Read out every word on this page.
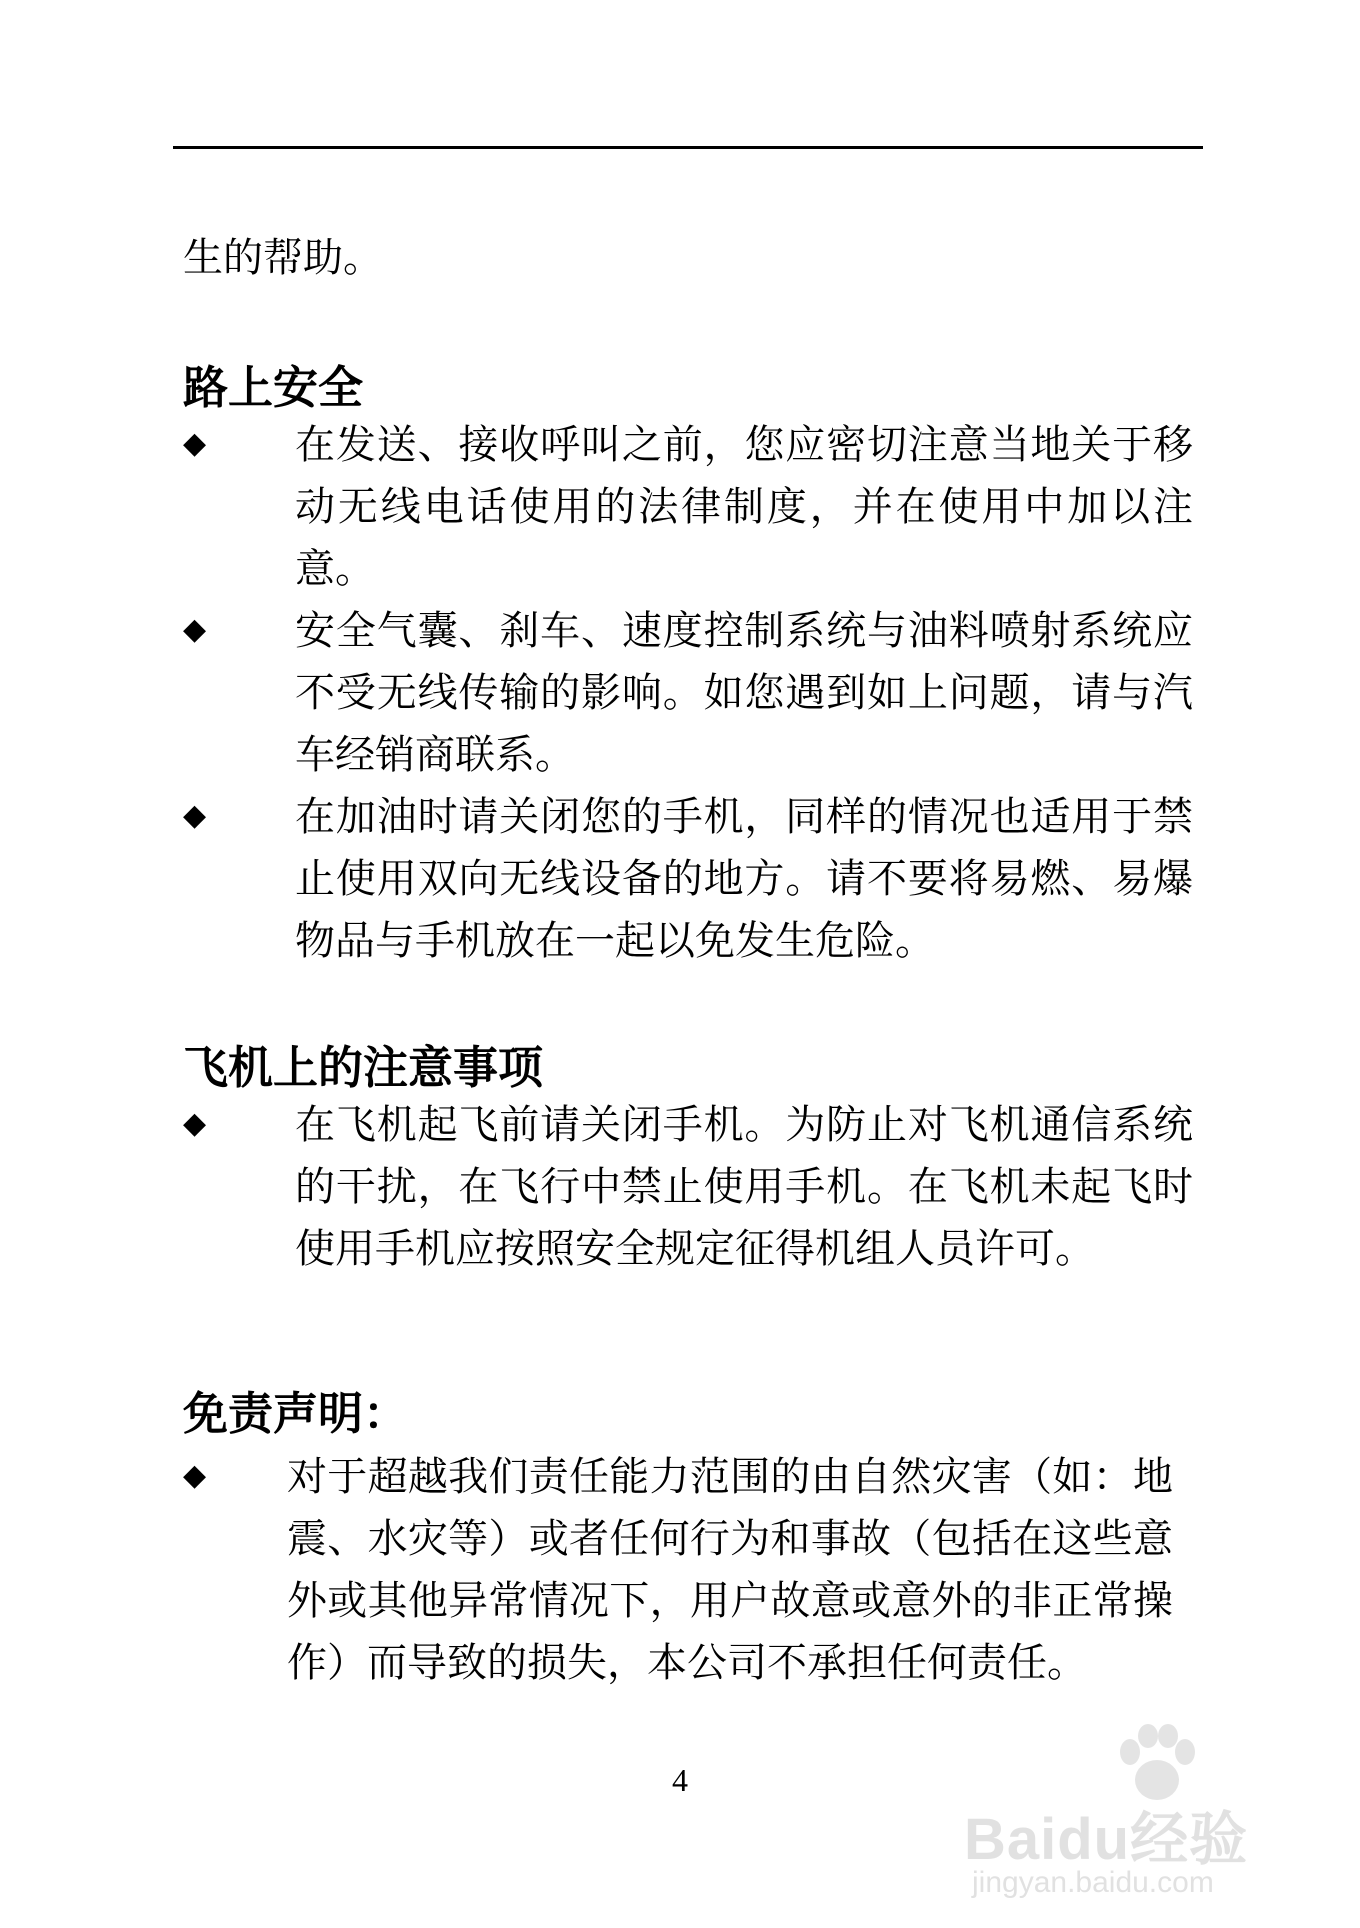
生的帮助。
路上安全
◆ 在发送、接收呼叫之前，您应密切注意当地关于移动无线电话使用的法律制度，并在使用中加以注意。
◆ 安全气囊、刹车、速度控制系统与油料喷射系统应不受无线传输的影响。如您遇到如上问题，请与汽车经销商联系。
◆ 在加油时请关闭您的手机，同样的情况也适用于禁止使用双向无线设备的地方。请不要将易燃、易爆物品与手机放在一起以免发生危险。
飞机上的注意事项
◆ 在飞机起飞前请关闭手机。为防止对飞机通信系统的干扰，在飞行中禁止使用手机。在飞机未起飞时使用手机应按照安全规定征得机组人员许可。
免责声明：
◆ 对于超越我们责任能力范围的由自然灾害（如：地震、水灾等）或者任何行为和事故（包括在这些意外或其他异常情况下，用户故意或意外的非正常操作）而导致的损失，本公司不承担任何责任。
4
Baidu经验
jingyan.baidu.com
